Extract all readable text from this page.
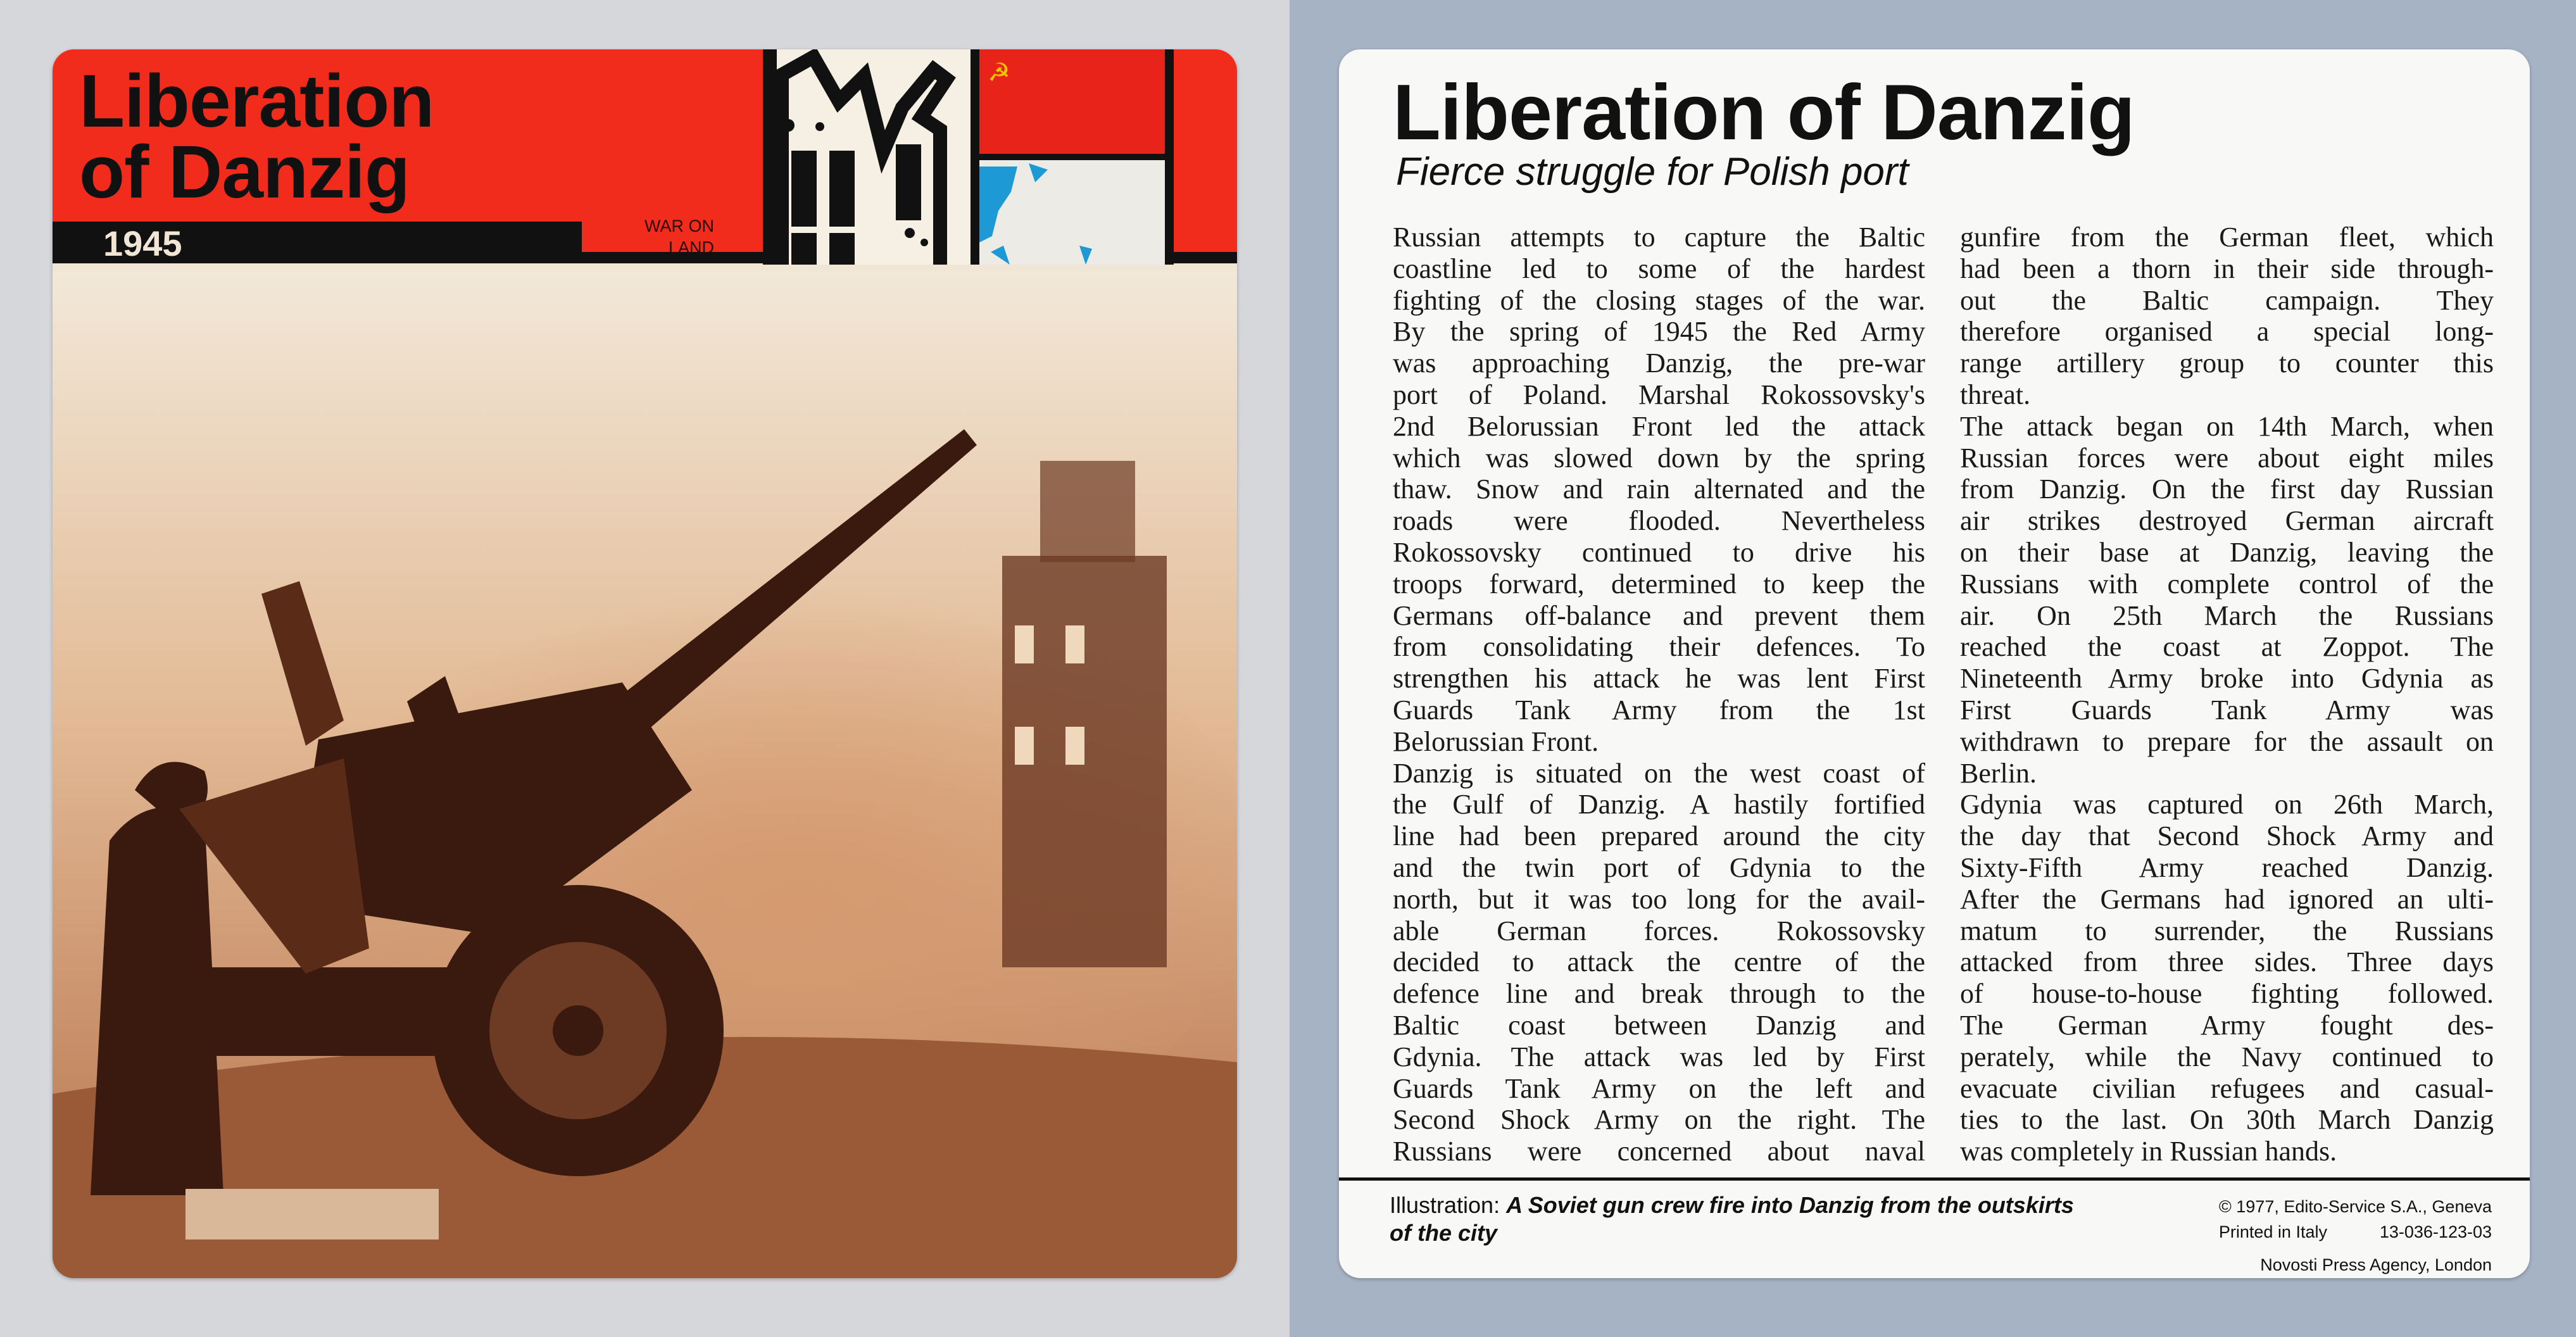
Liberation
of Danzig
1945	WAR ON
LAND
☭	Liberation of Danzig
Fierce struggle for Polish port
Russian attempts to capture the Baltic
coastline led to some of the hardest
fighting of the closing stages of the war.
By the spring of 1945 the Red Army
was approaching Danzig, the pre-war
port of Poland. Marshal Rokossovsky's
2nd Belorussian Front led the attack
which was slowed down by the spring
thaw. Snow and rain alternated and the
roads were flooded. Nevertheless
Rokossovsky continued to drive his
troops forward, determined to keep the
Germans off-balance and prevent them
from consolidating their defences. To
strengthen his attack he was lent First
Guards Tank Army from the 1st
Belorussian Front.
Danzig is situated on the west coast of
the Gulf of Danzig. A hastily fortified
line had been prepared around the city
and the twin port of Gdynia to the
north, but it was too long for the avail-
able German forces. Rokossovsky
decided to attack the centre of the
defence line and break through to the
Baltic coast between Danzig and
Gdynia. The attack was led by First
Guards Tank Army on the left and
Second Shock Army on the right. The
Russians were concerned about naval
gunfire from the German fleet, which
had been a thorn in their side through-
out the Baltic campaign. They
therefore organised a special long-
range artillery group to counter this
threat.
The attack began on 14th March, when
Russian forces were about eight miles
from Danzig. On the first day Russian
air strikes destroyed German aircraft
on their base at Danzig, leaving the
Russians with complete control of the
air. On 25th March the Russians
reached the coast at Zoppot. The
Nineteenth Army broke into Gdynia as
First Guards Tank Army was
withdrawn to prepare for the assault on
Berlin.
Gdynia was captured on 26th March,
the day that Second Shock Army and
Sixty-Fifth Army reached Danzig.
After the Germans had ignored an ulti-
matum to surrender, the Russians
attacked from three sides. Three days
of house-to-house fighting followed.
The German Army fought des-
perately, while the Navy continued to
evacuate civilian refugees and casual-
ties to the last. On 30th March Danzig
was completely in Russian hands.
Illustration: A Soviet gun crew fire into Danzig from the outskirts of the city
© 1977, Edito-Service S.A., Geneva
Printed in Italy	13-036-123-03
Novosti Press Agency, London
